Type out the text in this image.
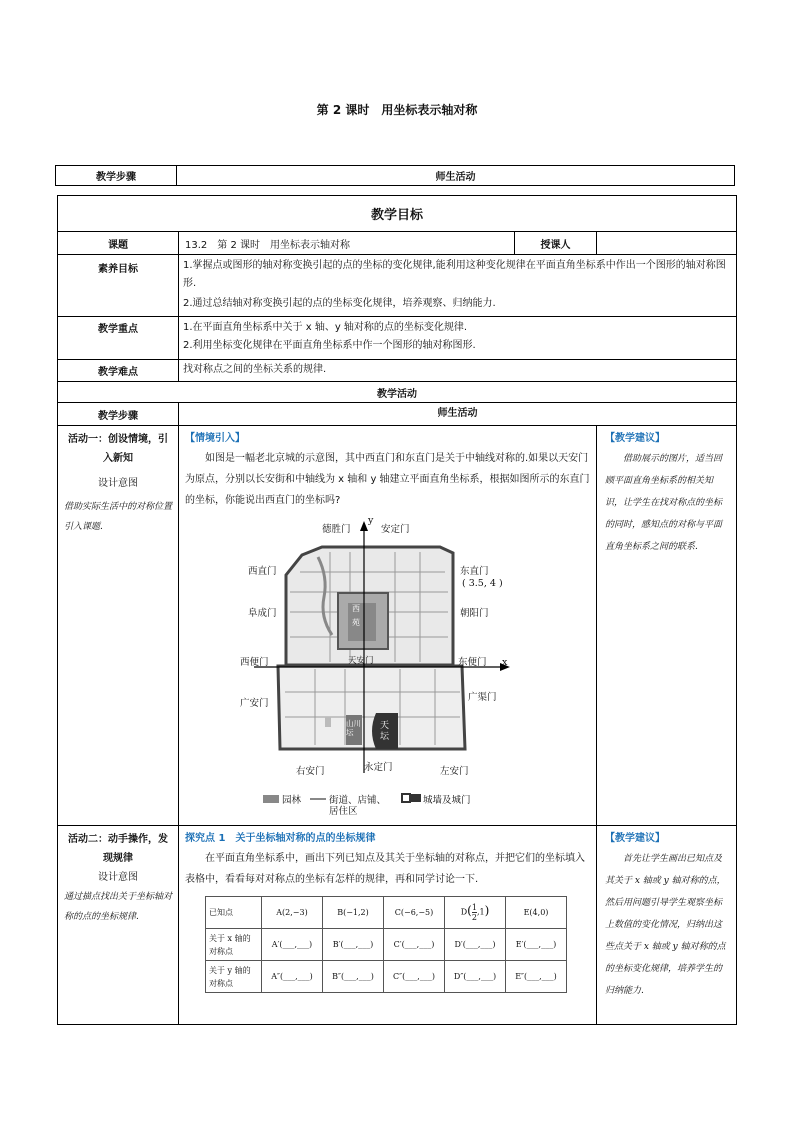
第 2 课时　用坐标表示轴对称
教学步骤	师生活动
教学目标
课题	13.2　第 2 课时　用坐标表示轴对称	授课人
素养目标	1.掌握点或图形的轴对称变换引起的点的坐标的变化规律,能利用这种变化规律在平面直角坐标系中作出一个图形的轴对称图形.
2.通过总结轴对称变换引起的点的坐标变化规律，培养观察、归纳能力.
教学重点	1.在平面直角坐标系中关于 x 轴、y 轴对称的点的坐标变化规律.
2.利用坐标变化规律在平面直角坐标系中作一个图形的轴对称图形.
教学难点	找对称点之间的坐标关系的规律.
教学活动
教学步骤	师生活动
活动一：创设情境，引入新知
设计意图
借助实际生活中的对称位置引入课题.
【情境引入】
如图是一幅老北京城的示意图，其中西直门和东直门是关于中轴线对称的.如果以天安门为原点，分别以长安街和中轴线为 x 轴和 y 轴建立平面直角坐标系，根据如图所示的东直门的坐标，你能说出西直门的坐标吗?
y
x
德胜门	安定门
西直门	东直门
( 3.5, 4 )
阜成门	朝阳门
西便门	东便门
天安门
广安门
广渠门
右安门	永定门	左安门
天坛
山川坛
西
苑
园林	街道、店铺、	城墙及城门
居住区
【教学建议】
借助展示的图片，适当回顾平面直角坐标系的相关知识，让学生在找对称点的坐标的同时，感知点的对称与平面直角坐标系之间的联系.
活动二：动手操作，发现规律
设计意图
通过描点找出关于坐标轴对称的点的坐标规律.
探究点 1　关于坐标轴对称的点的坐标规律
在平面直角坐标系中，画出下列已知点及其关于坐标轴的对称点，并把它们的坐标填入表格中，看看每对对称点的坐标有怎样的规律，再和同学讨论一下.
已知点	A(2,−3)	B(−1,2)	C(−6,−5)	$D( \frac{1}{2} ,1)$	E(4,0)
关于 x 轴的对称点	A′(___,___)	B′(___,___)	C′(___,___)	D′(___,___)	E′(___,___)
关于 y 轴的对称点	A″(___,___)	B″(___,___)	C″(___,___)	D″(___,___)	E″(___,___)
【教学建议】
首先让学生画出已知点及其关于 x 轴或 y 轴对称的点，然后用问题引导学生观察坐标上数值的变化情况，归纳出这些点关于 x 轴或 y 轴对称的点的坐标变化规律，培养学生的归纳能力.
